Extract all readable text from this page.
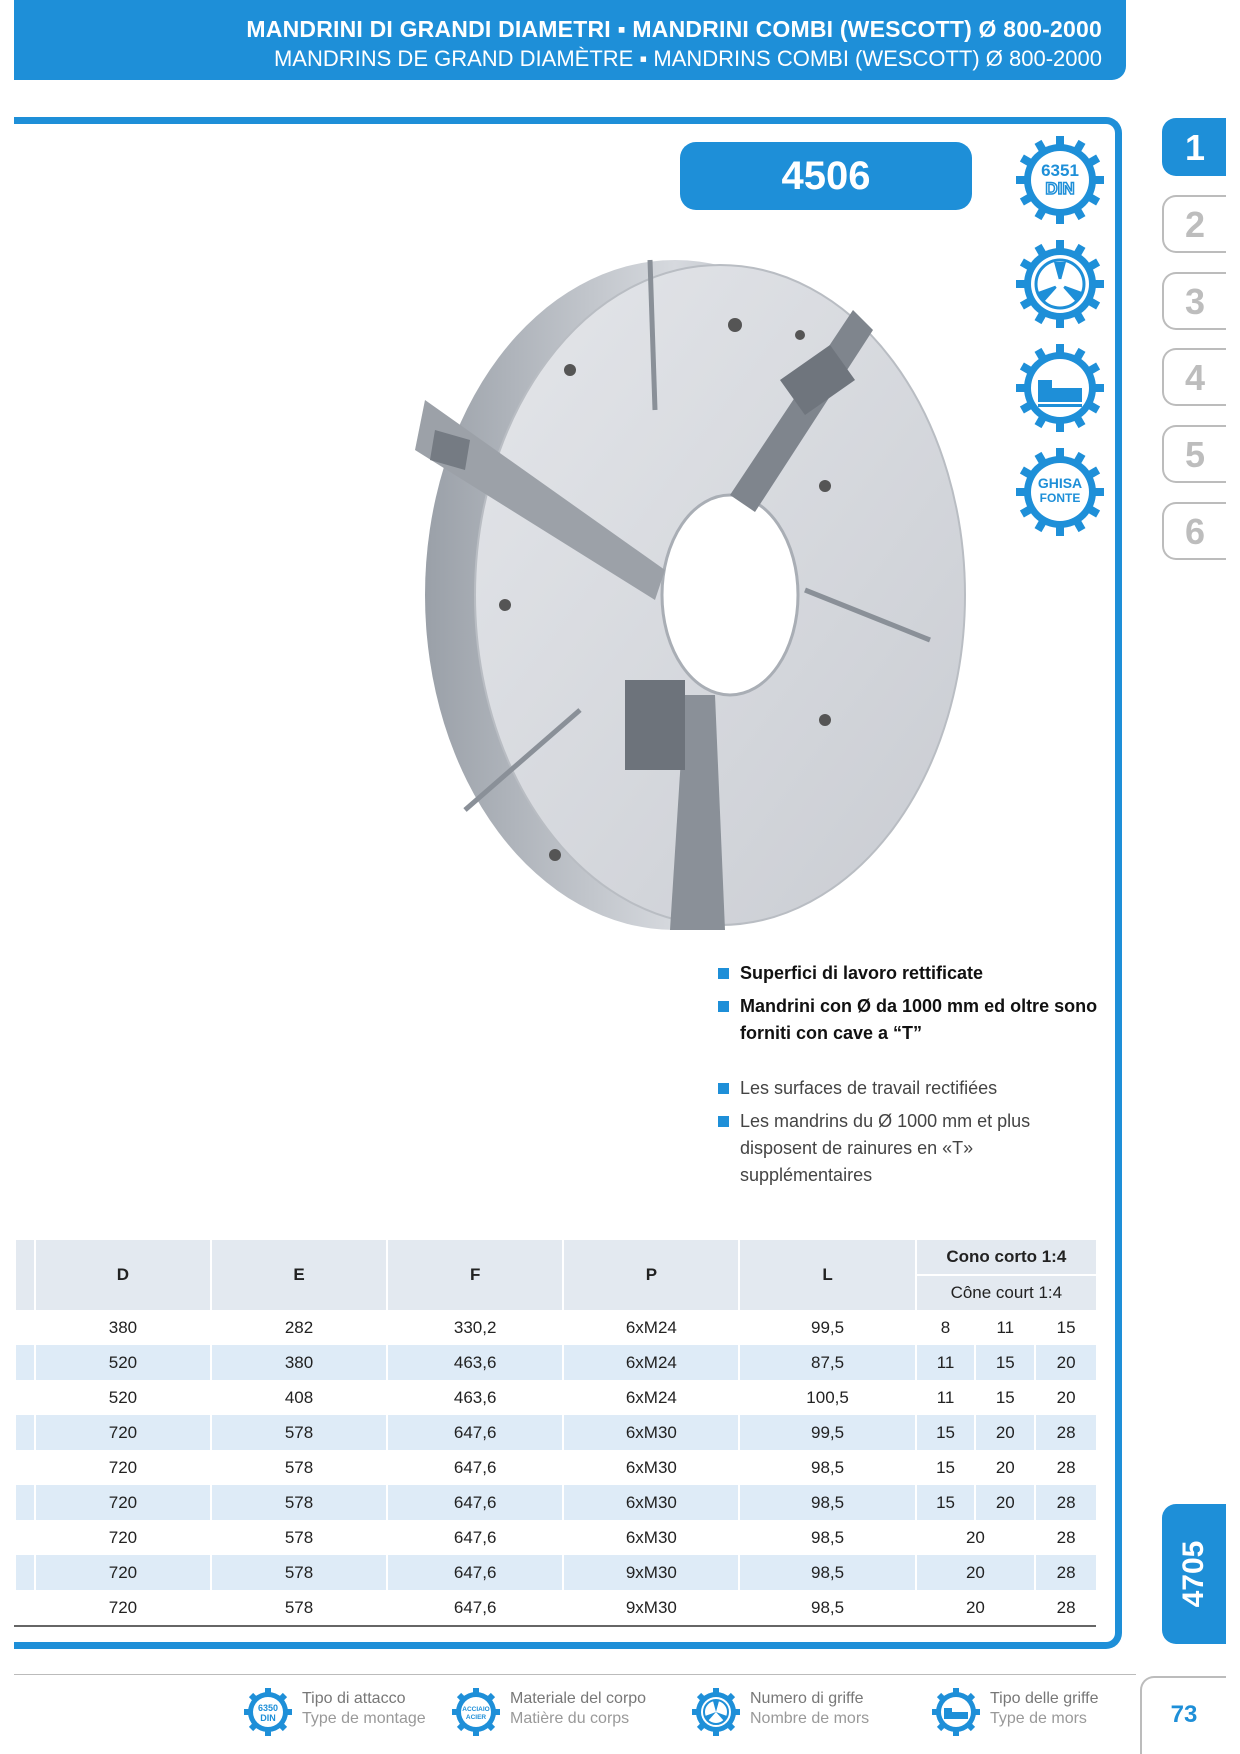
MANDRINI DI GRANDI DIAMETRI ▪ MANDRINI COMBI (WESCOTT) Ø 800-2000
MANDRINS DE GRAND DIAMÈTRE ▪ MANDRINS COMBI (WESCOTT) Ø 800-2000
4506	6351
DIN
GHISA
FONTE
1
2
3
4
5
6
4705
Superfici di lavoro rettificate
Mandrini con Ø da 1000 mm ed oltre sono forniti con cave a “T”
Les surfaces de travail rectifiées
Les mandrins du Ø 1000 mm et plus disposent de rainures en «T» supplémentaires
	D	E	F	P	L	Cono corto 1:4		
						Cône court 1:4		
	380	282	330,2	6xM24	99,5	8	11	15
	520	380	463,6	6xM24	87,5	11	15	20
	520	408	463,6	6xM24	100,5	11	15	20
	720	578	647,6	6xM30	99,5	15	20	28
	720	578	647,6	6xM30	98,5	15	20	28
	720	578	647,6	6xM30	98,5	15	20	28
	720	578	647,6	6xM30	98,5	20		28
	720	578	647,6	9xM30	98,5	20		28
	720	578	647,6	9xM30	98,5	20		28
6350
DIN
Tipo di attacco
Type de montage
ACCIAIO
ACIER
Materiale del corpo
Matière du corps
Numero di griffe
Nombre de mors
Tipo delle griffe
Type de mors	73
